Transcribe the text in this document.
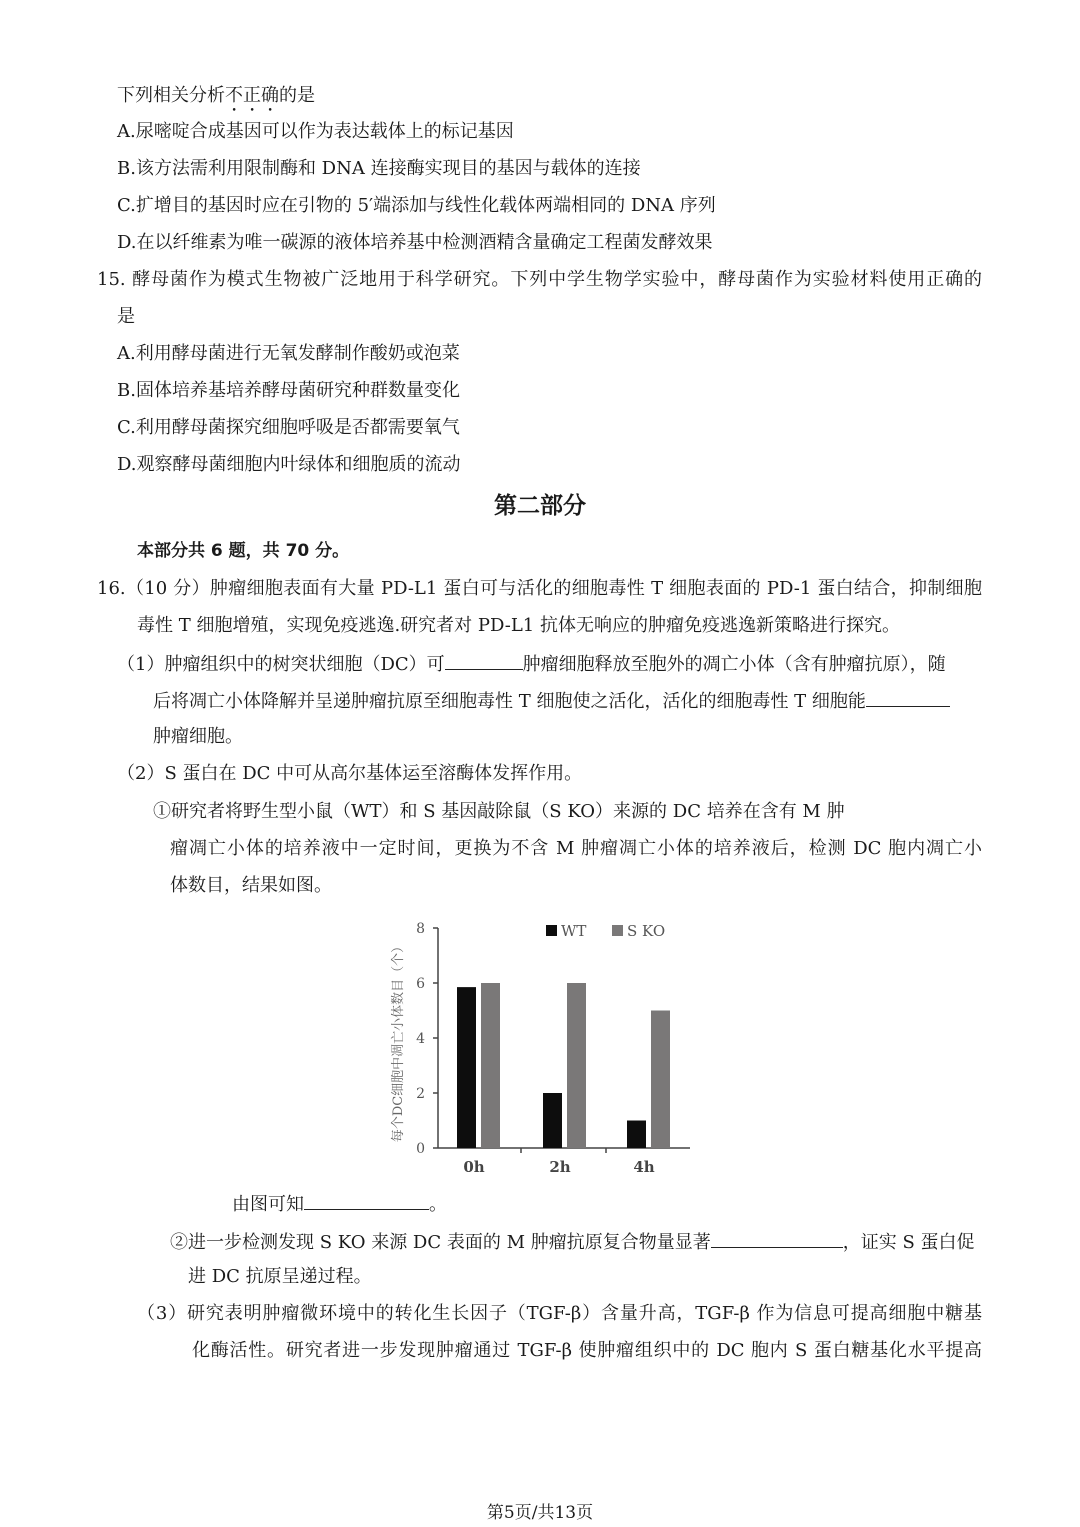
下列相关分析不正确的是
A.尿嘧啶合成基因可以作为表达载体上的标记基因
B.该方法需利用限制酶和 DNA 连接酶实现目的基因与载体的连接
C.扩增目的基因时应在引物的 5′端添加与线性化载体两端相同的 DNA 序列
D.在以纤维素为唯一碳源的液体培养基中检测酒精含量确定工程菌发酵效果
15. 酵母菌作为模式生物被广泛地用于科学研究。下列中学生物学实验中，酵母菌作为实验材料使用正确的
是
A.利用酵母菌进行无氧发酵制作酸奶或泡菜
B.固体培养基培养酵母菌研究种群数量变化
C.利用酵母菌探究细胞呼吸是否都需要氧气
D.观察酵母菌细胞内叶绿体和细胞质的流动
第二部分
本部分共 6 题，共 70 分。
16.（10 分）肿瘤细胞表面有大量 PD-L1 蛋白可与活化的细胞毒性 T 细胞表面的 PD-1 蛋白结合，抑制细胞
毒性 T 细胞增殖，实现免疫逃逸.研究者对 PD-L1 抗体无响应的肿瘤免疫逃逸新策略进行探究。
（1）肿瘤组织中的树突状细胞（DC）可	肿瘤细胞释放至胞外的凋亡小体（含有肿瘤抗原），随
后将凋亡小体降解并呈递肿瘤抗原至细胞毒性 T 细胞使之活化，活化的细胞毒性 T 细胞能
肿瘤细胞。
（2）S 蛋白在 DC 中可从高尔基体运至溶酶体发挥作用。
①研究者将野生型小鼠（WT）和 S 基因敲除鼠（S KO）来源的 DC 培养在含有 M 肿
瘤凋亡小体的培养液中一定时间，更换为不含 M 肿瘤凋亡小体的培养液后，检测 DC 胞内凋亡小
体数目，结果如图。
0
2
4
6
8
0h	2h	4h
WT	S KO
每个DC细胞中凋亡小体数目（个）
由图可知	。
②进一步检测发现 S KO 来源 DC 表面的 M 肿瘤抗原复合物量显著	，证实 S 蛋白促
进 DC 抗原呈递过程。
（3）研究表明肿瘤微环境中的转化生长因子（TGF-β）含量升高，TGF-β 作为信息可提高细胞中糖基
化酶活性。研究者进一步发现肿瘤通过 TGF-β 使肿瘤组织中的 DC 胞内 S 蛋白糖基化水平提高
第5页/共13页
